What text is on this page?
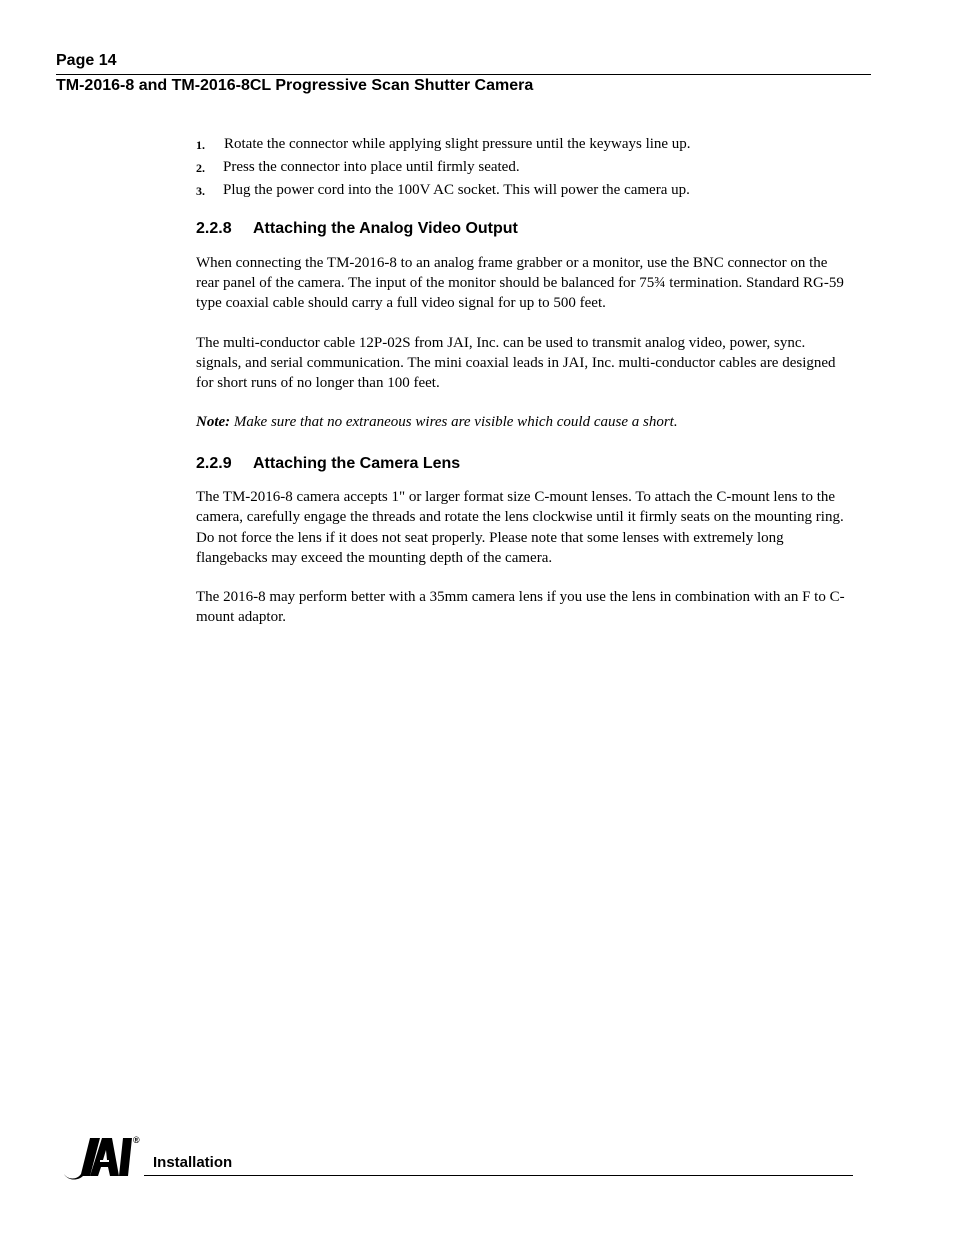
Page 14
TM-2016-8 and TM-2016-8CL Progressive Scan Shutter Camera
1. Rotate the connector while applying slight pressure until the keyways line up.
2. Press the connector into place until firmly seated.
3. Plug the power cord into the 100V AC socket. This will power the camera up.
2.2.8 Attaching the Analog Video Output

When connecting the TM-2016-8 to an analog frame grabber or a monitor, use the BNC connector on the rear panel of the camera. The input of the monitor should be balanced for 75¾ termination. Standard RG-59 type coaxial cable should carry a full video signal for up to 500 feet.

The multi-conductor cable 12P-02S from JAI, Inc. can be used to transmit analog video, power, sync. signals, and serial communication. The mini coaxial leads in JAI, Inc. multi-conductor cables are designed for short runs of no longer than 100 feet.

Note: Make sure that no extraneous wires are visible which could cause a short.

2.2.9 Attaching the Camera Lens

The TM-2016-8 camera accepts 1" or larger format size C-mount lenses. To attach the C-mount lens to the camera, carefully engage the threads and rotate the lens clockwise until it firmly seats on the mounting ring. Do not force the lens if it does not seat properly. Please note that some lenses with extremely long flangebacks may exceed the mounting depth of the camera.

The 2016-8 may perform better with a 35mm camera lens if you use the lens in combination with an F to C-mount adaptor.

®
Installation
